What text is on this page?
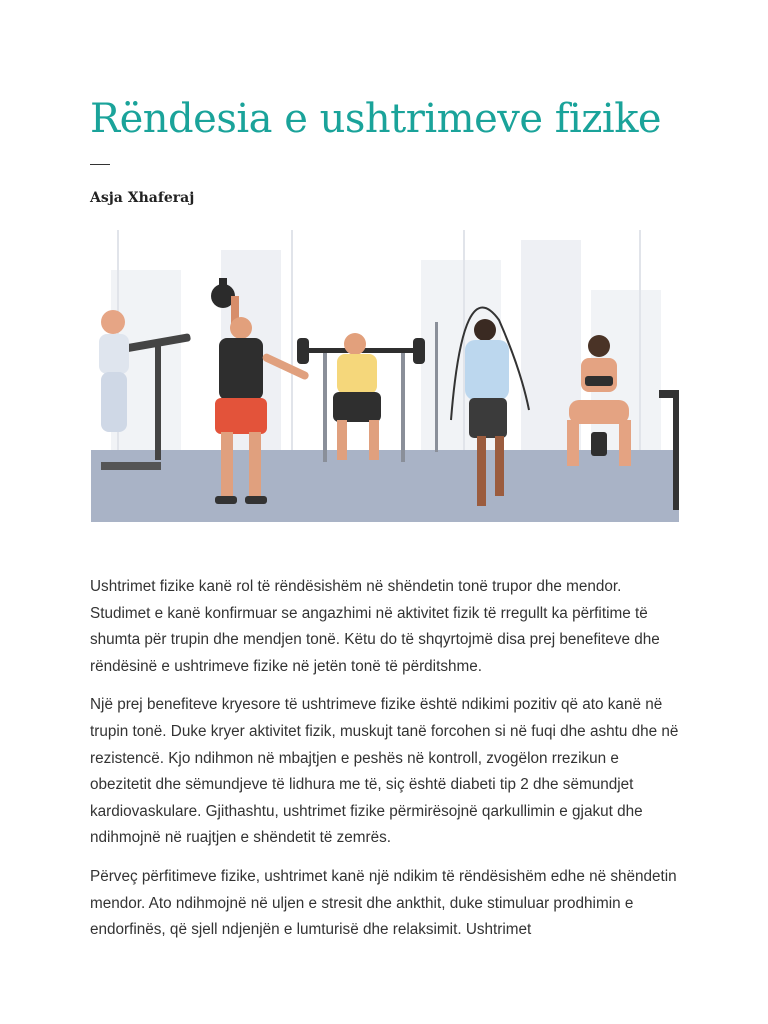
Rëndesia e ushtrimeve fizike

Asja Xhaferaj

Ushtrimet fizike kanë rol të rëndësishëm në shëndetin tonë trupor dhe mendor. Studimet e kanë konfirmuar se angazhimi në aktivitet fizik të rregullt ka përfitime të shumta për trupin dhe mendjen tonë. Këtu do të shqyrtojmë disa prej benefiteve dhe rëndësinë e ushtrimeve fizike në jetën tonë të përditshme.

Një prej benefiteve kryesore të ushtrimeve fizike është ndikimi pozitiv që ato kanë në trupin tonë. Duke kryer aktivitet fizik, muskujt tanë forcohen si në fuqi dhe ashtu dhe në rezistencë. Kjo ndihmon në mbajtjen e peshës në kontroll, zvogëlon rrezikun e obezitetit dhe sëmundjeve të lidhura me të, siç është diabeti tip 2 dhe sëmundjet kardiovaskulare. Gjithashtu, ushtrimet fizike përmirësojnë qarkullimin e gjakut dhe ndihmojnë në ruajtjen e shëndetit të zemrës.

Përveç përfitimeve fizike, ushtrimet kanë një ndikim të rëndësishëm edhe në shëndetin mendor. Ato ndihmojnë në uljen e stresit dhe ankthit, duke stimuluar prodhimin e endorfinës, që sjell ndjenjën e lumturisë dhe relaksimit. Ushtrimet
